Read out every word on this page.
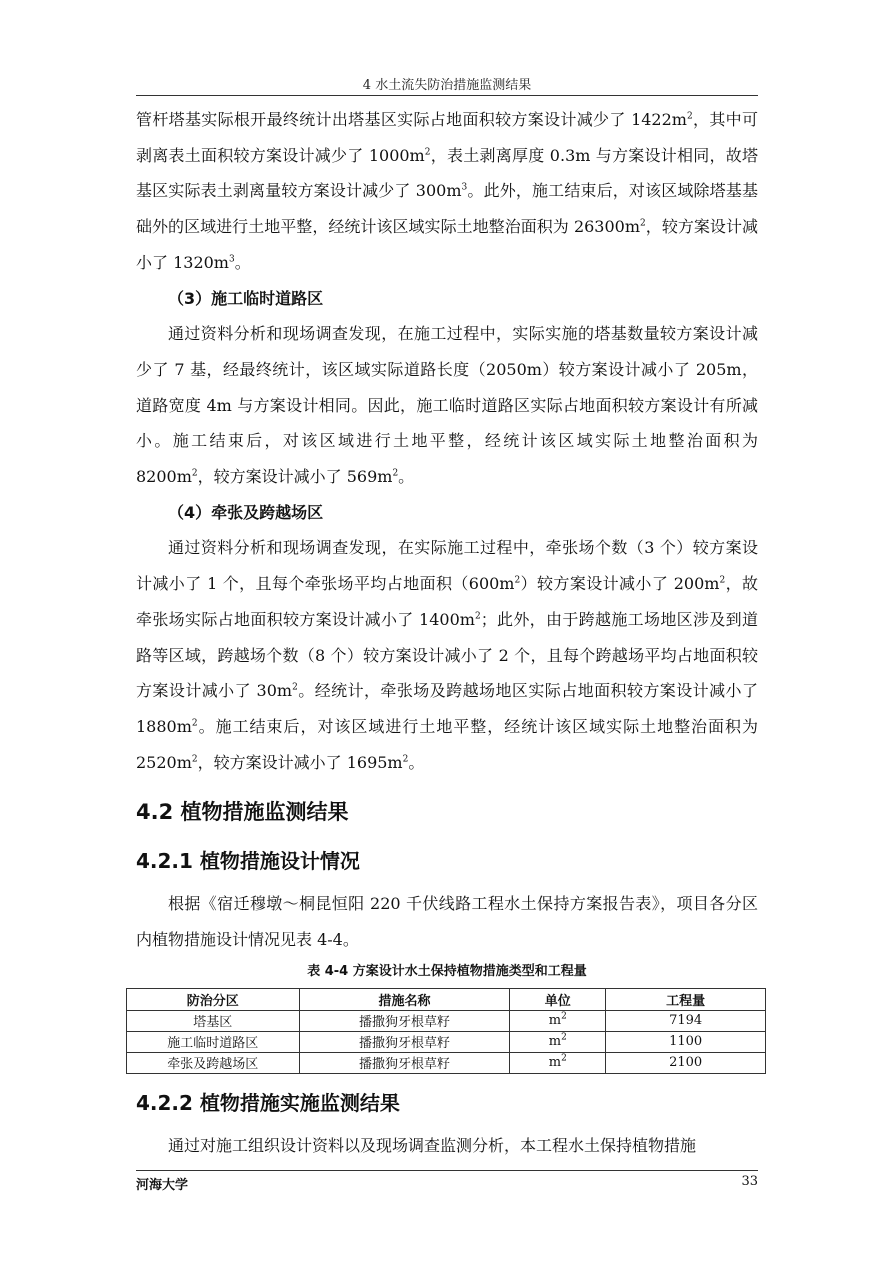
4 水土流失防治措施监测结果

管杆塔基实际根开最终统计出塔基区实际占地面积较方案设计减少了 $1422m^2$，其中可剥离表土面积较方案设计减少了 $1000m^2$，表土剥离厚度 0.3m 与方案设计相同，故塔基区实际表土剥离量较方案设计减少了 $300m^3$。此外，施工结束后，对该区域除塔基基础外的区域进行土地平整，经统计该区域实际土地整治面积为 $26300m^2$，较方案设计减小了 $1320m^3$。

（3）施工临时道路区

通过资料分析和现场调查发现，在施工过程中，实际实施的塔基数量较方案设计减少了 7 基，经最终统计，该区域实际道路长度（2050m）较方案设计减小了 205m，道路宽度 4m 与方案设计相同。因此，施工临时道路区实际占地面积较方案设计有所减小。施工结束后，对该区域进行土地平整，经统计该区域实际土地整治面积为 $8200m^2$，较方案设计减小了 $569m^2$。

（4）牵张及跨越场区

通过资料分析和现场调查发现，在实际施工过程中，牵张场个数（3 个）较方案设计减小了 1 个，且每个牵张场平均占地面积$(600m^2)$较方案设计减小了 $200m^2$，故牵张场实际占地面积较方案设计减小了 $1400m^2$；此外，由于跨越施工场地区涉及到道路等区域，跨越场个数（8 个）较方案设计减小了 2 个，且每个跨越场平均占地面积较方案设计减小了 $30m^2$。经统计，牵张场及跨越场地区实际占地面积较方案设计减小了 $1880m^2$。施工结束后，对该区域进行土地平整，经统计该区域实际土地整治面积为 $2520m^2$，较方案设计减小了 $1695m^2$。

4.2 植物措施监测结果
4.2.1 植物措施设计情况

根据《宿迁穆墩～桐昆恒阳 220 千伏线路工程水土保持方案报告表》，项目各分区内植物措施设计情况见表 4-4。

表 4-4 方案设计水土保持植物措施类型和工程量
防治分区	措施名称	单位	工程量
塔基区	播撒狗牙根草籽	$m^2$	7194
施工临时道路区	播撒狗牙根草籽	$m^2$	1100
牵张及跨越场区	播撒狗牙根草籽	$m^2$	2100
4.2.2 植物措施实施监测结果

通过对施工组织设计资料以及现场调查监测分析，本工程水土保持植物措施

河海大学	33
